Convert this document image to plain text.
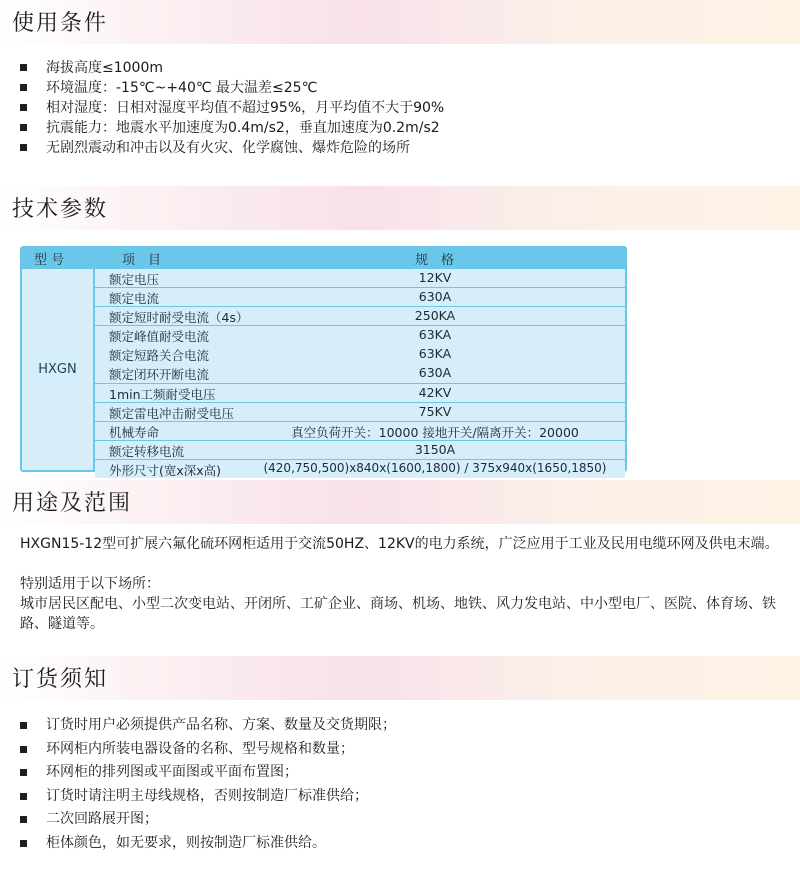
使用条件
海拔高度≤1000m
环境温度：-15℃~+40℃ 最大温差≤25℃
相对湿度：日相对湿度平均值不超过95%，月平均值不大于90%
抗震能力：地震水平加速度为0.4m/s2，垂直加速度为0.2m/s2
无剧烈震动和冲击以及有火灾、化学腐蚀、爆炸危险的场所
技术参数
型 号	项　目	规　格
HXGN
额定电压	12KV
额定电流	630A
额定短时耐受电流（4s）	250KA
额定峰值耐受电流	63KA
额定短路关合电流	63KA
额定闭环开断电流	630A
1min工频耐受电压	42KV
额定雷电冲击耐受电压	75KV
机械寿命	真空负荷开关：10000 接地开关/隔离开关：20000
额定转移电流	3150A
外形尺寸(宽x深x高)	(420,750,500)x840x(1600,1800) / 375x940x(1650,1850)
用途及范围
HXGN15-12型可扩展六氟化硫环网柜适用于交流50HZ、12KV的电力系统，广泛应用于工业及民用电缆环网及供电末端。
特别适用于以下场所：
城市居民区配电、小型二次变电站、开闭所、工矿企业、商场、机场、地铁、风力发电站、中小型电厂、医院、体育场、铁路、隧道等。
订货须知
订货时用户必须提供产品名称、方案、数量及交货期限；
环网柜内所装电器设备的名称、型号规格和数量；
环网柜的排列图或平面图或平面布置图；
订货时请注明主母线规格，否则按制造厂标准供给；
二次回路展开图；
柜体颜色，如无要求，则按制造厂标准供给。
